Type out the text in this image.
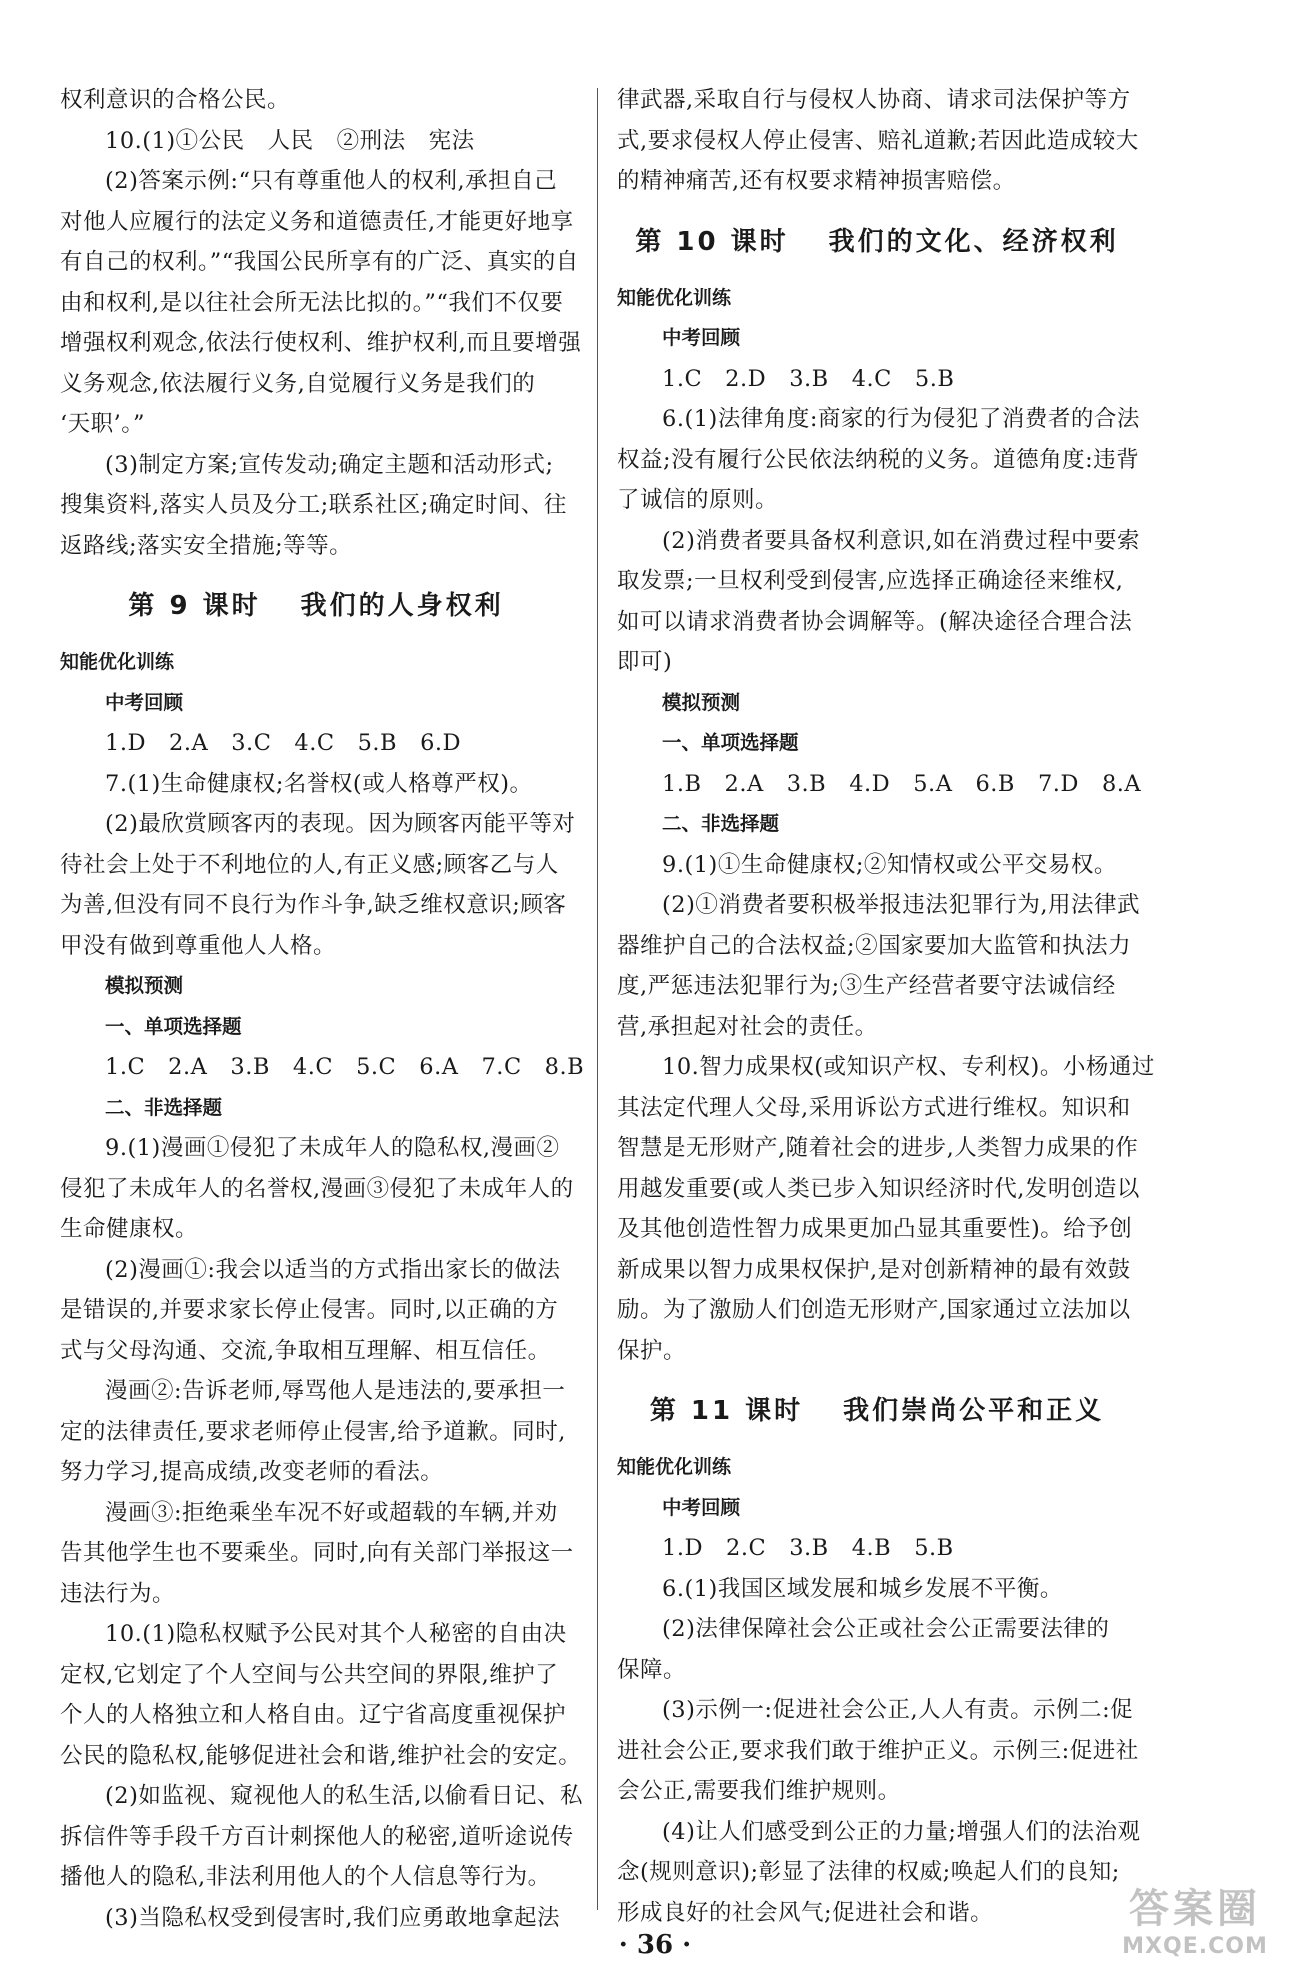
权利意识的合格公民。
10.(1)①公民　人民　②刑法　宪法
(2)答案示例:“只有尊重他人的权利,承担自己
对他人应履行的法定义务和道德责任,才能更好地享
有自己的权利。”“我国公民所享有的广泛、真实的自
由和权利,是以往社会所无法比拟的。”“我们不仅要
增强权利观念,依法行使权利、维护权利,而且要增强
义务观念,依法履行义务,自觉履行义务是我们的
‘天职’。”
(3)制定方案;宣传发动;确定主题和活动形式;
搜集资料,落实人员及分工;联系社区;确定时间、往
返路线;落实安全措施;等等。
第 9 课时 我们的人身权利
知能优化训练
中考回顾
1.D　2.A　3.C　4.C　5.B　6.D
7.(1)生命健康权;名誉权(或人格尊严权)。
(2)最欣赏顾客丙的表现。因为顾客丙能平等对
待社会上处于不利地位的人,有正义感;顾客乙与人
为善,但没有同不良行为作斗争,缺乏维权意识;顾客
甲没有做到尊重他人人格。
模拟预测
一、单项选择题
1.C　2.A　3.B　4.C　5.C　6.A　7.C　8.B
二、非选择题
9.(1)漫画①侵犯了未成年人的隐私权,漫画②
侵犯了未成年人的名誉权,漫画③侵犯了未成年人的
生命健康权。
(2)漫画①:我会以适当的方式指出家长的做法
是错误的,并要求家长停止侵害。同时,以正确的方
式与父母沟通、交流,争取相互理解、相互信任。
漫画②:告诉老师,辱骂他人是违法的,要承担一
定的法律责任,要求老师停止侵害,给予道歉。同时,
努力学习,提高成绩,改变老师的看法。
漫画③:拒绝乘坐车况不好或超载的车辆,并劝
告其他学生也不要乘坐。同时,向有关部门举报这一
违法行为。
10.(1)隐私权赋予公民对其个人秘密的自由决
定权,它划定了个人空间与公共空间的界限,维护了
个人的人格独立和人格自由。辽宁省高度重视保护
公民的隐私权,能够促进社会和谐,维护社会的安定。
(2)如监视、窥视他人的私生活,以偷看日记、私
拆信件等手段千方百计刺探他人的秘密,道听途说传
播他人的隐私,非法利用他人的个人信息等行为。
(3)当隐私权受到侵害时,我们应勇敢地拿起法
律武器,采取自行与侵权人协商、请求司法保护等方
式,要求侵权人停止侵害、赔礼道歉;若因此造成较大
的精神痛苦,还有权要求精神损害赔偿。
第 10 课时 我们的文化、经济权利
知能优化训练
中考回顾
1.C　2.D　3.B　4.C　5.B
6.(1)法律角度:商家的行为侵犯了消费者的合法
权益;没有履行公民依法纳税的义务。道德角度:违背
了诚信的原则。
(2)消费者要具备权利意识,如在消费过程中要索
取发票;一旦权利受到侵害,应选择正确途径来维权,
如可以请求消费者协会调解等。(解决途径合理合法
即可)
模拟预测
一、单项选择题
1.B　2.A　3.B　4.D　5.A　6.B　7.D　8.A
二、非选择题
9.(1)①生命健康权;②知情权或公平交易权。
(2)①消费者要积极举报违法犯罪行为,用法律武
器维护自己的合法权益;②国家要加大监管和执法力
度,严惩违法犯罪行为;③生产经营者要守法诚信经
营,承担起对社会的责任。
10.智力成果权(或知识产权、专利权)。小杨通过
其法定代理人父母,采用诉讼方式进行维权。知识和
智慧是无形财产,随着社会的进步,人类智力成果的作
用越发重要(或人类已步入知识经济时代,发明创造以
及其他创造性智力成果更加凸显其重要性)。给予创
新成果以智力成果权保护,是对创新精神的最有效鼓
励。为了激励人们创造无形财产,国家通过立法加以
保护。
第 11 课时 我们崇尚公平和正义
知能优化训练
中考回顾
1.D　2.C　3.B　4.B　5.B
6.(1)我国区域发展和城乡发展不平衡。
(2)法律保障社会公正或社会公正需要法律的
保障。
(3)示例一:促进社会公正,人人有责。示例二:促
进社会公正,要求我们敢于维护正义。示例三:促进社
会公正,需要我们维护规则。
(4)让人们感受到公正的力量;增强人们的法治观
念(规则意识);彰显了法律的权威;唤起人们的良知;
形成良好的社会风气;促进社会和谐。
· 36 ·
答案圈
MXQE.COM
